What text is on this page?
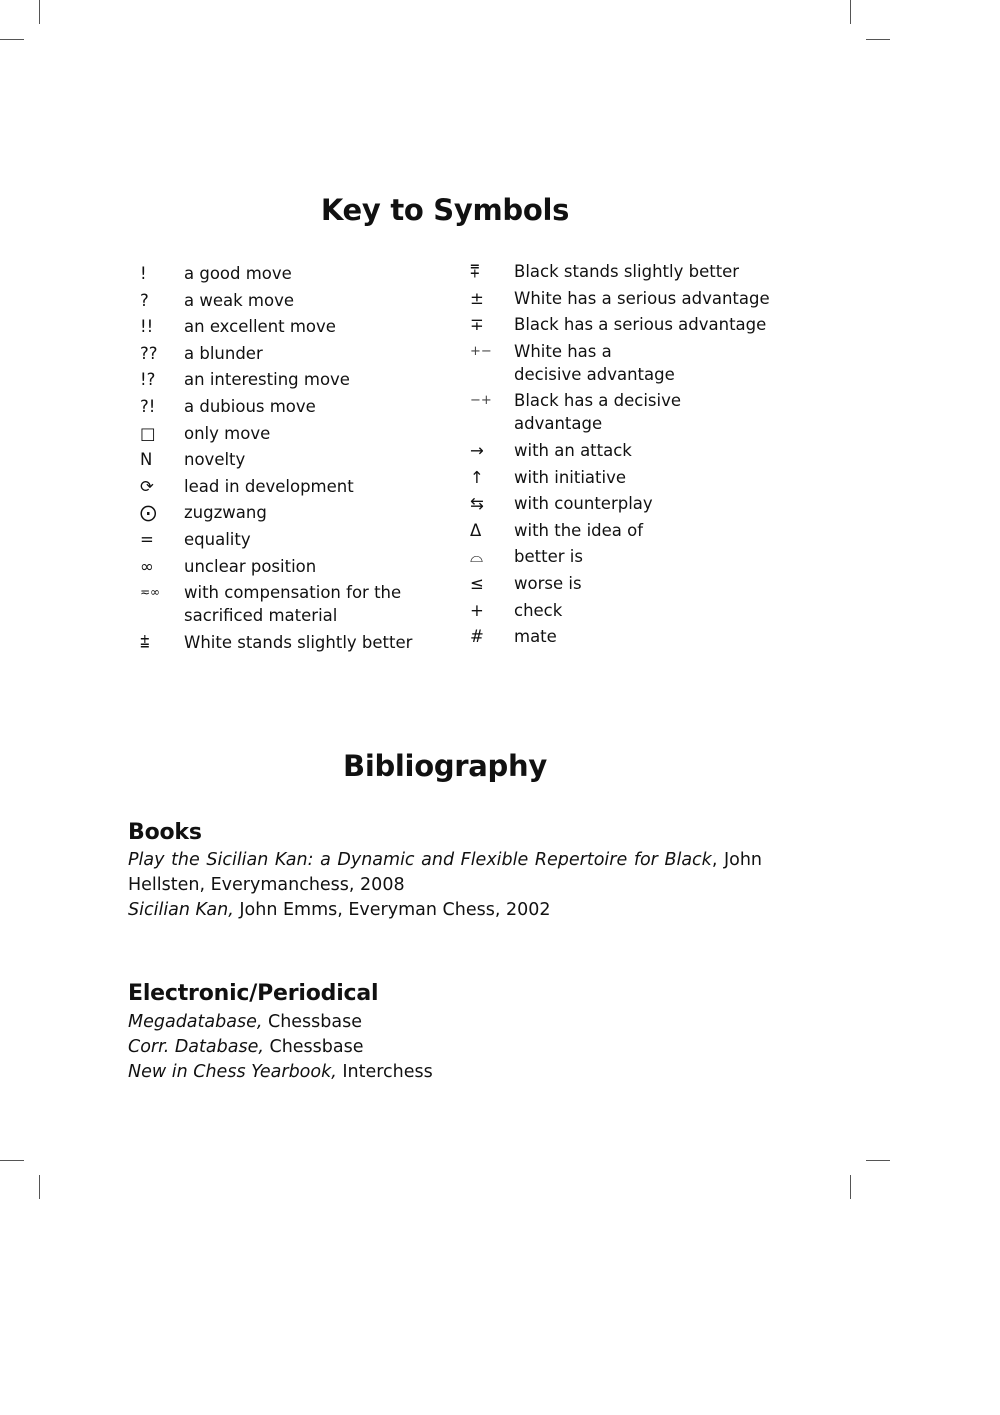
Key to Symbols
!	a good move
?	a weak move
!!	an excellent move
??	a blunder
!?	an interesting move
?!	a dubious move
□	only move
N	novelty
⟳	lead in development
⨀	zugzwang
=	equality
∞	unclear position
≂∞	with compensation for the sacrificed material
⩲	White stands slightly better
⩱	Black stands slightly better
±	White has a serious advantage
∓	Black has a serious advantage
+−	White has a decisive advantage
−+	Black has a decisive advantage
→	with an attack
↑	with initiative
⇆	with counterplay
Δ	with the idea of
⌓	better is
≤	worse is
+	check
#	mate
Bibliography
Books

Play the Sicilian Kan: a Dynamic and Flexible Repertoire for Black, John Hellsten, Everymanchess, 2008

Sicilian Kan, John Emms, Everyman Chess, 2002

Electronic/Periodical

Megadatabase, Chessbase

Corr. Database, Chessbase

New in Chess Yearbook, Interchess
